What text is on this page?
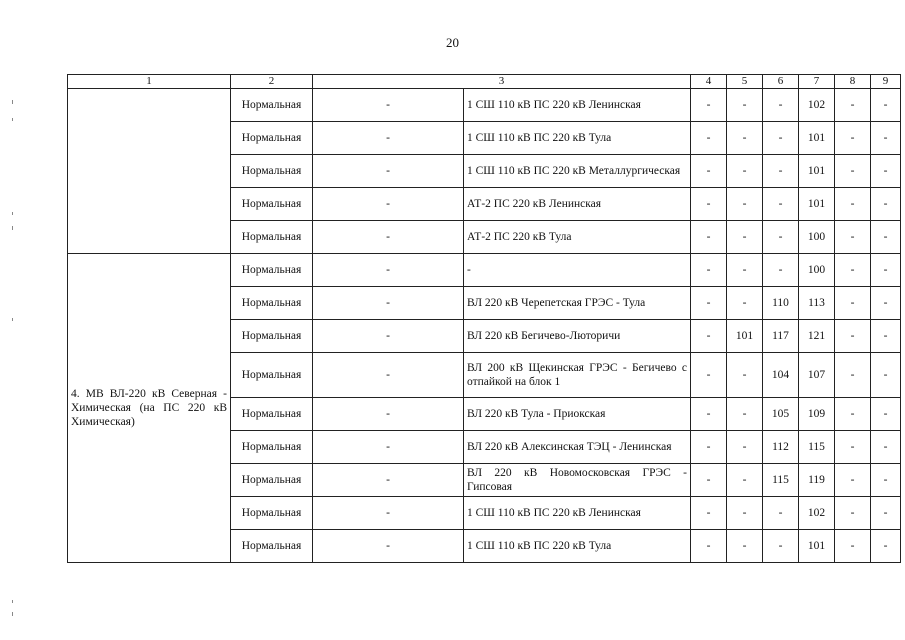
20
1	2	3		4	5	6	7	8	9
	Нормальная	-	1 СШ 110 кВ ПС 220 кВ Ленинская	-	-	-	102	-	-
	Нормальная	-	1 СШ 110 кВ ПС 220 кВ Тула	-	-	-	101	-	-
	Нормальная	-	1 СШ 110 кВ ПС 220 кВ Металлургическая	-	-	-	101	-	-
	Нормальная	-	АТ-2 ПС 220 кВ Ленинская	-	-	-	101	-	-
	Нормальная	-	АТ-2 ПС 220 кВ Тула	-	-	-	100	-	-
4. МВ ВЛ-220 кВ Северная - Химическая (на ПС 220 кВ Химическая)	Нормальная	-	-	-	-	-	100	-	-
	Нормальная	-	ВЛ 220 кВ Черепетская ГРЭС - Тула	-	-	110	113	-	-
	Нормальная	-	ВЛ 220 кВ Бегичево-Лютоpичи	-	101	117	121	-	-
	Нормальная	-	ВЛ 200 кВ Щекинская ГРЭС - Бегичево с отпайкой на блок 1	-	-	104	107	-	-
	Нормальная	-	ВЛ 220 кВ Тула - Приокская	-	-	105	109	-	-
	Нормальная	-	ВЛ 220 кВ Алексинская ТЭЦ - Ленинская	-	-	112	115	-	-
	Нормальная	-	ВЛ 220 кВ Новомосковская ГРЭС - Гипсовая	-	-	115	119	-	-
	Нормальная	-	1 СШ 110 кВ ПС 220 кВ Ленинская	-	-	-	102	-	-
	Нормальная	-	1 СШ 110 кВ ПС 220 кВ Тула	-	-	-	101	-	-
